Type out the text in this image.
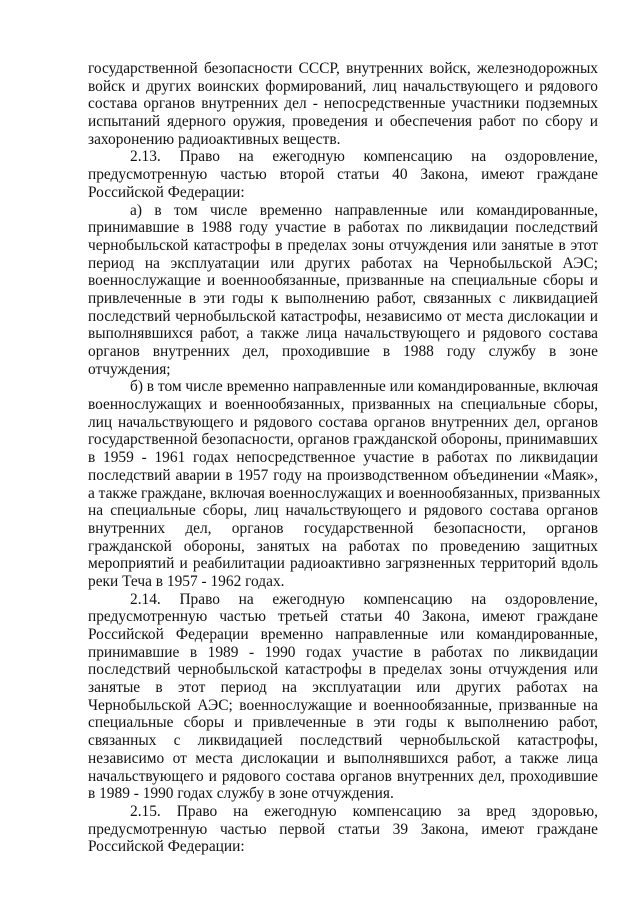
государственной безопасности СССР, внутренних войск, железнодорожных
войск и других воинских формирований, лиц начальствующего и рядового
состава органов внутренних дел - непосредственные участники подземных
испытаний ядерного оружия, проведения и обеспечения работ по сбору и
захоронению радиоактивных веществ.
2.13. Право на ежегодную компенсацию на оздоровление,
предусмотренную частью второй статьи 40 Закона, имеют граждане
Российской Федерации:
а) в том числе временно направленные или командированные,
принимавшие в 1988 году участие в работах по ликвидации последствий
чернобыльской катастрофы в пределах зоны отчуждения или занятые в этот
период на эксплуатации или других работах на Чернобыльской АЭС;
военнослужащие и военнообязанные, призванные на специальные сборы и
привлеченные в эти годы к выполнению работ, связанных с ликвидацией
последствий чернобыльской катастрофы, независимо от места дислокации и
выполнявшихся работ, а также лица начальствующего и рядового состава
органов внутренних дел, проходившие в 1988 году службу в зоне
отчуждения;
б) в том числе временно направленные или командированные, включая
военнослужащих и военнообязанных, призванных на специальные сборы,
лиц начальствующего и рядового состава органов внутренних дел, органов
государственной безопасности, органов гражданской обороны, принимавших
в 1959 - 1961 годах непосредственное участие в работах по ликвидации
последствий аварии в 1957 году на производственном объединении «Маяк»,
а также граждане, включая военнослужащих и военнообязанных, призванных
на специальные сборы, лиц начальствующего и рядового состава органов
внутренних дел, органов государственной безопасности, органов
гражданской обороны, занятых на работах по проведению защитных
мероприятий и реабилитации радиоактивно загрязненных территорий вдоль
реки Теча в 1957 - 1962 годах.
2.14. Право на ежегодную компенсацию на оздоровление,
предусмотренную частью третьей статьи 40 Закона, имеют граждане
Российской Федерации временно направленные или командированные,
принимавшие в 1989 - 1990 годах участие в работах по ликвидации
последствий чернобыльской катастрофы в пределах зоны отчуждения или
занятые в этот период на эксплуатации или других работах на
Чернобыльской АЭС; военнослужащие и военнообязанные, призванные на
специальные сборы и привлеченные в эти годы к выполнению работ,
связанных с ликвидацией последствий чернобыльской катастрофы,
независимо от места дислокации и выполнявшихся работ, а также лица
начальствующего и рядового состава органов внутренних дел, проходившие
в 1989 - 1990 годах службу в зоне отчуждения.
2.15. Право на ежегодную компенсацию за вред здоровью,
предусмотренную частью первой статьи 39 Закона, имеют граждане
Российской Федерации:
